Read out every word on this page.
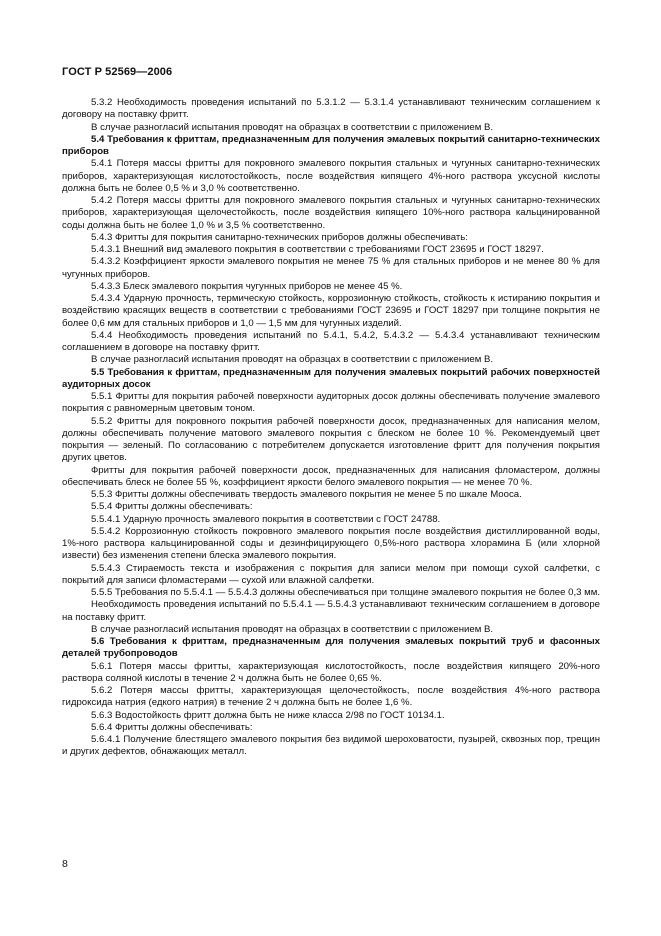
ГОСТ Р 52569—2006

5.3.2 Необходимость проведения испытаний по 5.3.1.2 — 5.3.1.4 устанавливают техническим соглашением к договору на поставку фритт.

В случае разногласий испытания проводят на образцах в соответствии с приложением В.

5.4 Требования к фриттам, предназначенным для получения эмалевых покрытий санитарно-технических приборов

5.4.1 Потеря массы фритты для покровного эмалевого покрытия стальных и чугунных санитарно-технических приборов, характеризующая кислотостойкость, после воздействия кипящего 4%-ного раствора уксусной кислоты должна быть не более 0,5 % и 3,0 % соответственно.

5.4.2 Потеря массы фритты для покровного эмалевого покрытия стальных и чугунных санитарно-технических приборов, характеризующая щелочестойкость, после воздействия кипящего 10%-ного раствора кальцинированной соды должна быть не более 1,0 % и 3,5 % соответственно.

5.4.3 Фритты для покрытия санитарно-технических приборов должны обеспечивать:

5.4.3.1 Внешний вид эмалевого покрытия в соответствии с требованиями ГОСТ 23695 и ГОСТ 18297.

5.4.3.2 Коэффициент яркости эмалевого покрытия не менее 75 % для стальных приборов и не менее 80 % для чугунных приборов.

5.4.3.3 Блеск эмалевого покрытия чугунных приборов не менее 45 %.

5.4.3.4 Ударную прочность, термическую стойкость, коррозионную стойкость, стойкость к истиранию покрытия и воздействию красящих веществ в соответствии с требованиями ГОСТ 23695 и ГОСТ 18297 при толщине покрытия не более 0,6 мм для стальных приборов и 1,0 — 1,5 мм для чугунных изделий.

5.4.4 Необходимость проведения испытаний по 5.4.1, 5.4.2, 5.4.3.2 — 5.4.3.4 устанавливают техническим соглашением в договоре на поставку фритт.

В случае разногласий испытания проводят на образцах в соответствии с приложением В.

5.5 Требования к фриттам, предназначенным для получения эмалевых покрытий рабочих поверхностей аудиторных досок

5.5.1 Фритты для покрытия рабочей поверхности аудиторных досок должны обеспечивать получение эмалевого покрытия с равномерным цветовым тоном.

5.5.2 Фритты для покровного покрытия рабочей поверхности досок, предназначенных для написания мелом, должны обеспечивать получение матового эмалевого покрытия с блеском не более 10 %. Рекомендуемый цвет покрытия — зеленый. По согласованию с потребителем допускается изготовление фритт для получения покрытия других цветов.

Фритты для покрытия рабочей поверхности досок, предназначенных для написания фломастером, должны обеспечивать блеск не более 55 %, коэффициент яркости белого эмалевого покрытия — не менее 70 %.

5.5.3 Фритты должны обеспечивать твердость эмалевого покрытия не менее 5 по шкале Мооса.

5.5.4 Фритты должны обеспечивать:

5.5.4.1 Ударную прочность эмалевого покрытия в соответствии с ГОСТ 24788.

5.5.4.2 Коррозионную стойкость покровного эмалевого покрытия после воздействия дистиллированной воды, 1%-ного раствора кальцинированной соды и дезинфицирующего 0,5%-ного раствора хлорамина Б (или хлорной извести) без изменения степени блеска эмалевого покрытия.

5.5.4.3 Стираемость текста и изображения с покрытия для записи мелом при помощи сухой салфетки, с покрытий для записи фломастерами — сухой или влажной салфетки.

5.5.5 Требования по 5.5.4.1 — 5.5.4.3 должны обеспечиваться при толщине эмалевого покрытия не более 0,3 мм.

Необходимость проведения испытаний по 5.5.4.1 — 5.5.4.3 устанавливают техническим соглашением в договоре на поставку фритт.

В случае разногласий испытания проводят на образцах в соответствии с приложением В.

5.6 Требования к фриттам, предназначенным для получения эмалевых покрытий труб и фасонных деталей трубопроводов

5.6.1 Потеря массы фритты, характеризующая кислотостойкость, после воздействия кипящего 20%-ного раствора соляной кислоты в течение 2 ч должна быть не более 0,65 %.

5.6.2 Потеря массы фритты, характеризующая щелочестойкость, после воздействия 4%-ного раствора гидроксида натрия (едкого натрия) в течение 2 ч должна быть не более 1,6 %.

5.6.3 Водостойкость фритт должна быть не ниже класса 2/98 по ГОСТ 10134.1.

5.6.4 Фритты должны обеспечивать:

5.6.4.1 Получение блестящего эмалевого покрытия без видимой шероховатости, пузырей, сквозных пор, трещин и других дефектов, обнажающих металл.

8
